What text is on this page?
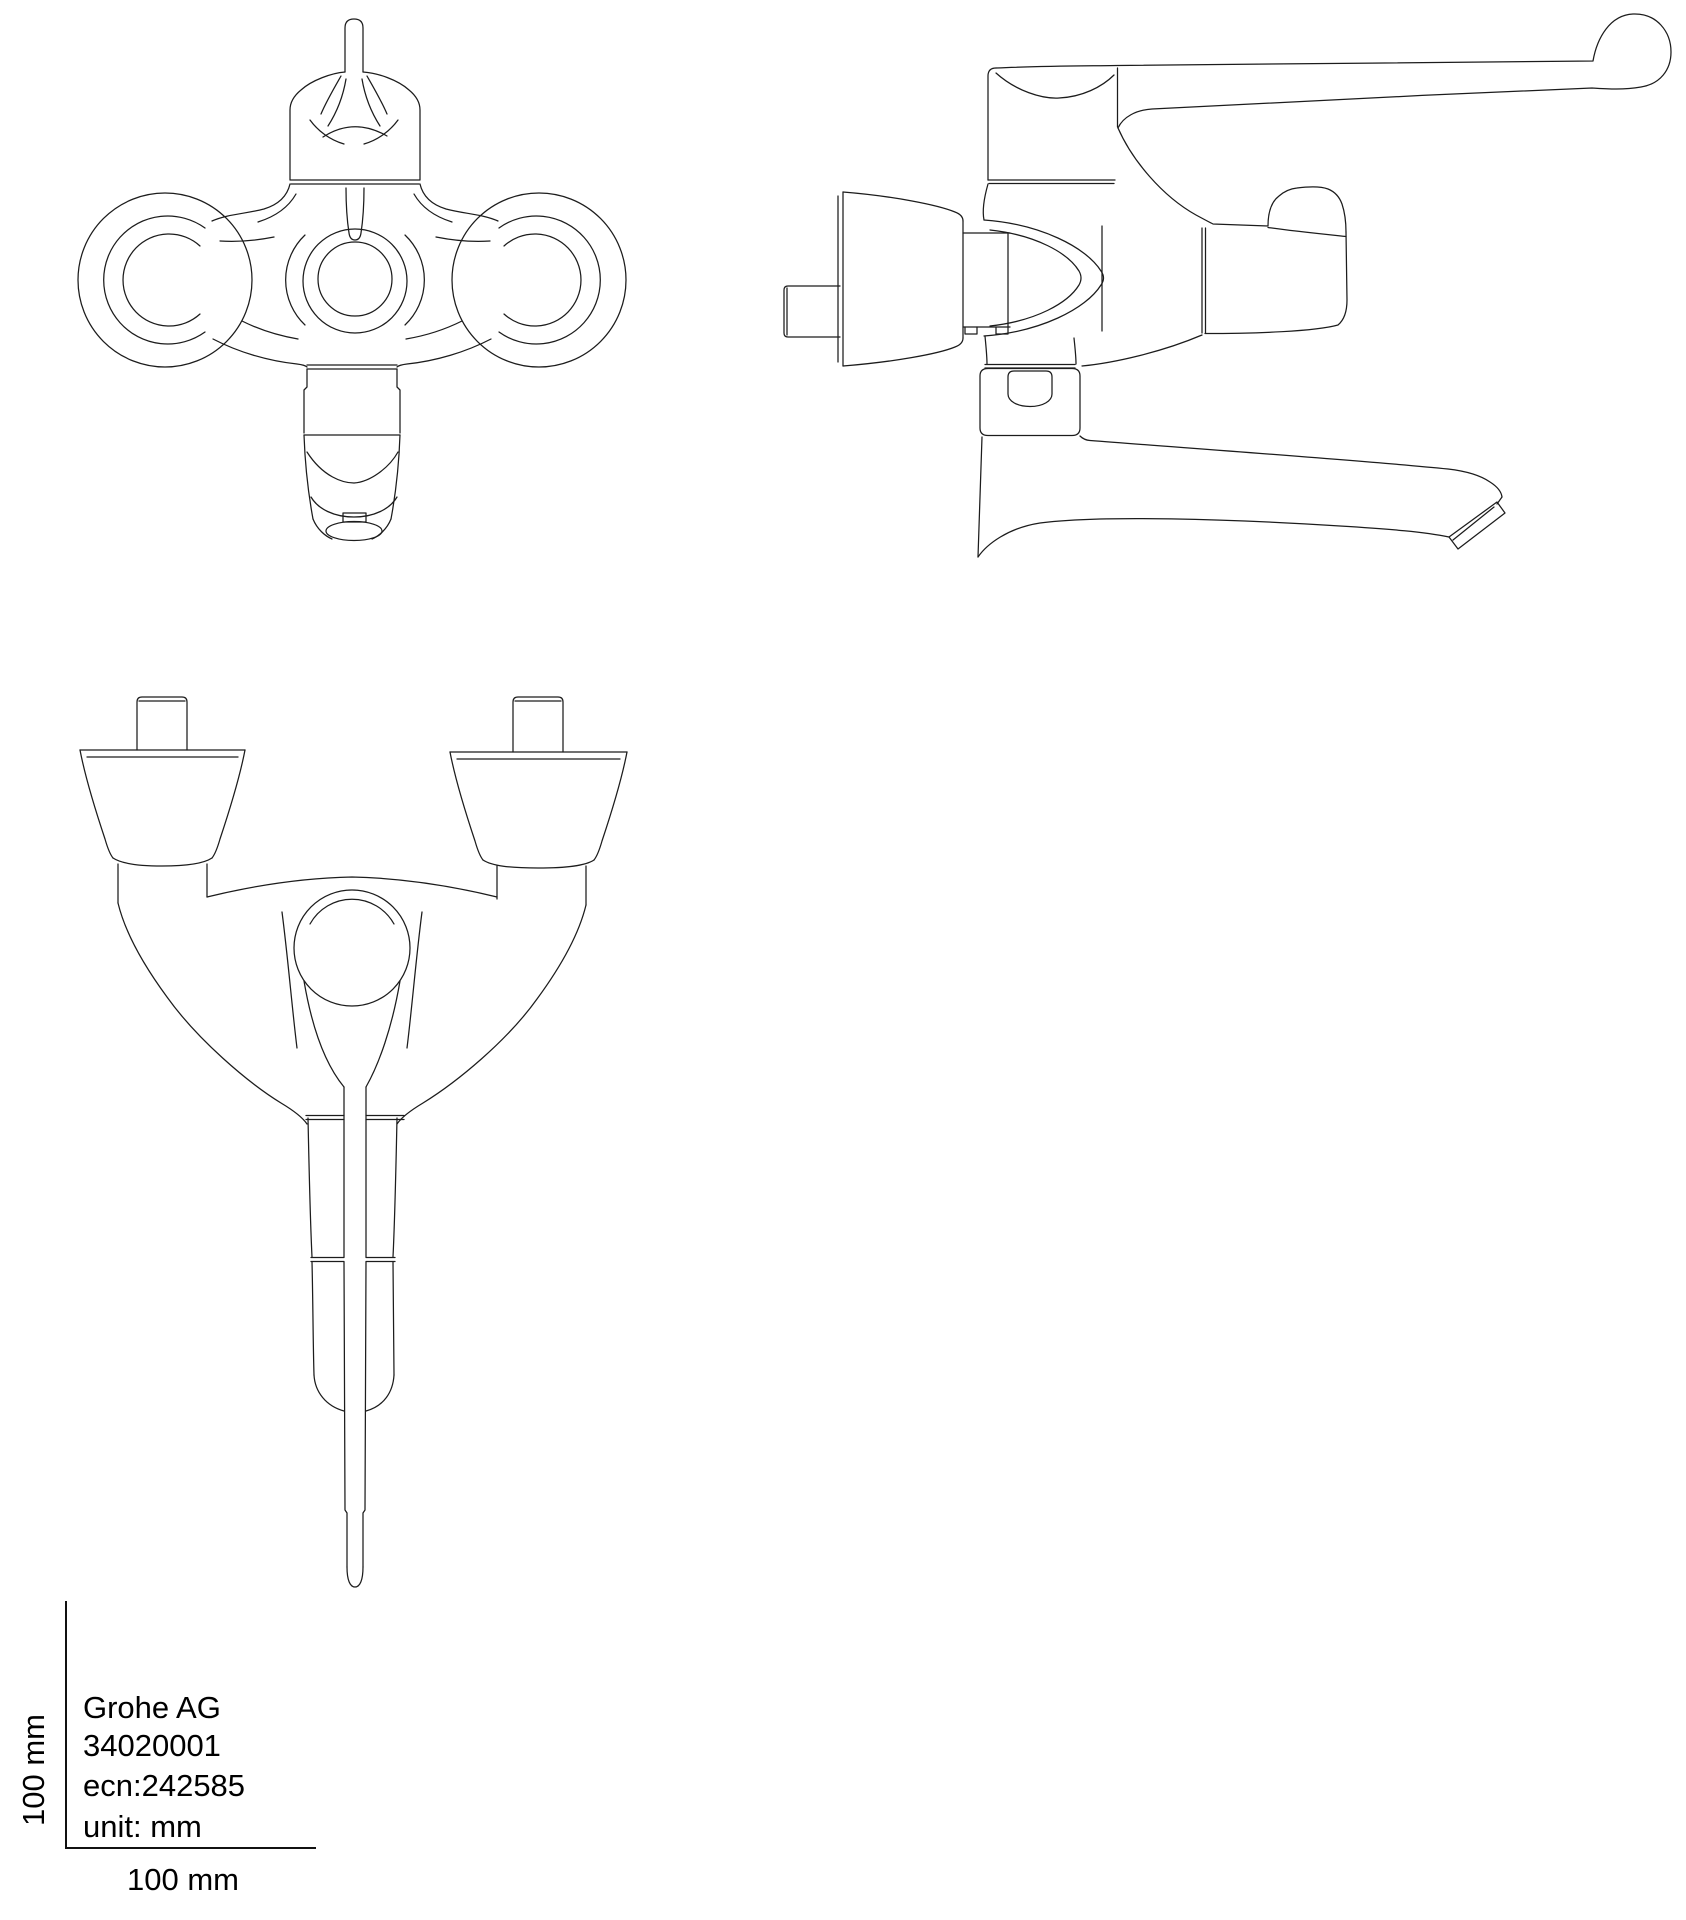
Grohe AG
34020001
ecn:242585
unit: mm
100 mm
100 mm
